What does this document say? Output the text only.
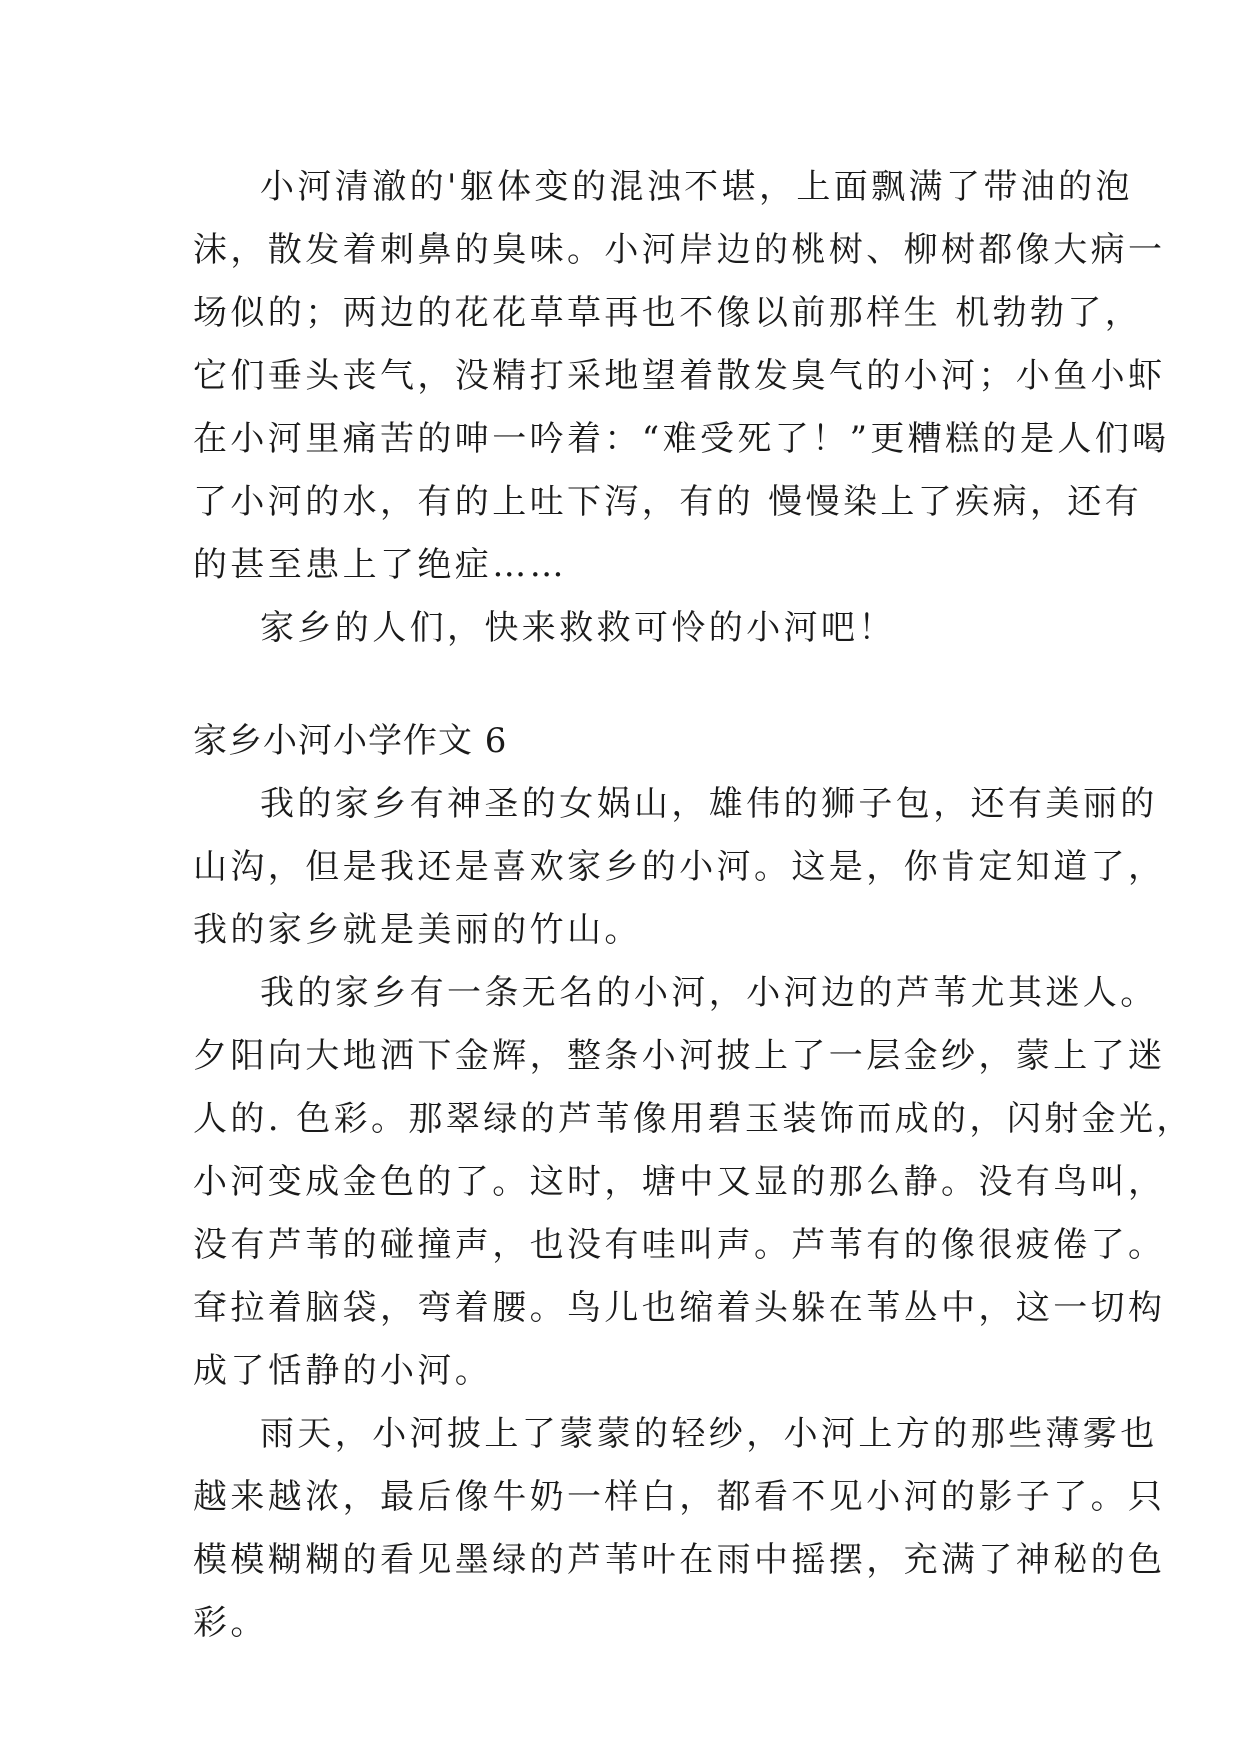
小河清澈的'躯体变的混浊不堪，上面飘满了带油的泡
沫，散发着刺鼻的臭味。小河岸边的桃树、柳树都像大病一
场似的；两边的花花草草再也不像以前那样生 机勃勃了，
它们垂头丧气，没精打采地望着散发臭气的小河；小鱼小虾
在小河里痛苦的呻一吟着：“难受死了！”更糟糕的是人们喝
了小河的水，有的上吐下泻，有的 慢慢染上了疾病，还有
的甚至患上了绝症……
家乡的人们，快来救救可怜的小河吧！
家乡小河小学作文 6
我的家乡有神圣的女娲山，雄伟的狮子包，还有美丽的
山沟，但是我还是喜欢家乡的小河。这是，你肯定知道了，
我的家乡就是美丽的竹山。
我的家乡有一条无名的小河，小河边的芦苇尤其迷人。
夕阳向大地洒下金辉，整条小河披上了一层金纱，蒙上了迷
人的. 色彩。那翠绿的芦苇像用碧玉装饰而成的，闪射金光，
小河变成金色的了。这时，塘中又显的那么静。没有鸟叫，
没有芦苇的碰撞声，也没有哇叫声。芦苇有的像很疲倦了。
耷拉着脑袋，弯着腰。鸟儿也缩着头躲在苇丛中，这一切构
成了恬静的小河。
雨天，小河披上了蒙蒙的轻纱，小河上方的那些薄雾也
越来越浓，最后像牛奶一样白，都看不见小河的影子了。只
模模糊糊的看见墨绿的芦苇叶在雨中摇摆，充满了神秘的色
彩。
